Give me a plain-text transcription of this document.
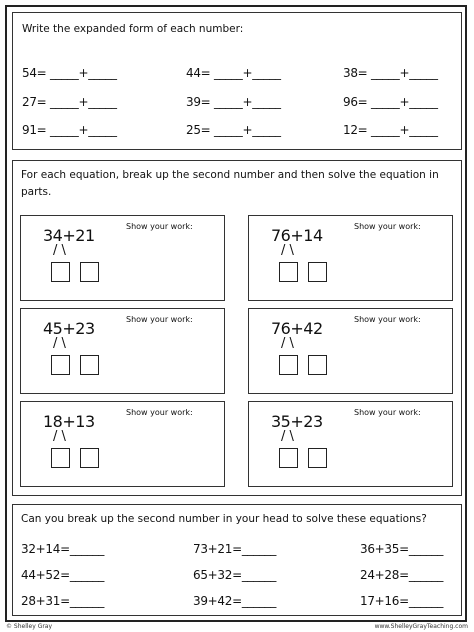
Write the expanded form of each number:
54= _____+_____	44= _____+_____	38= _____+_____
27= _____+_____	39= _____+_____	96= _____+_____
91= _____+_____	25= _____+_____	12= _____+_____
For each equation, break up the second number and then solve the equation in parts.
34+21	Show your work:
/ \
76+14	Show your work:
/ \
45+23	Show your work:
/ \
76+42	Show your work:
/ \
18+13	Show your work:
/ \
35+23	Show your work:
/ \
Can you break up the second number in your head to solve these equations?
32+14=______	73+21=______	36+35=______
44+52=______	65+32=______	24+28=______
28+31=______	39+42=______	17+16=______
© Shelley Gray	www.ShelleyGrayTeaching.com
